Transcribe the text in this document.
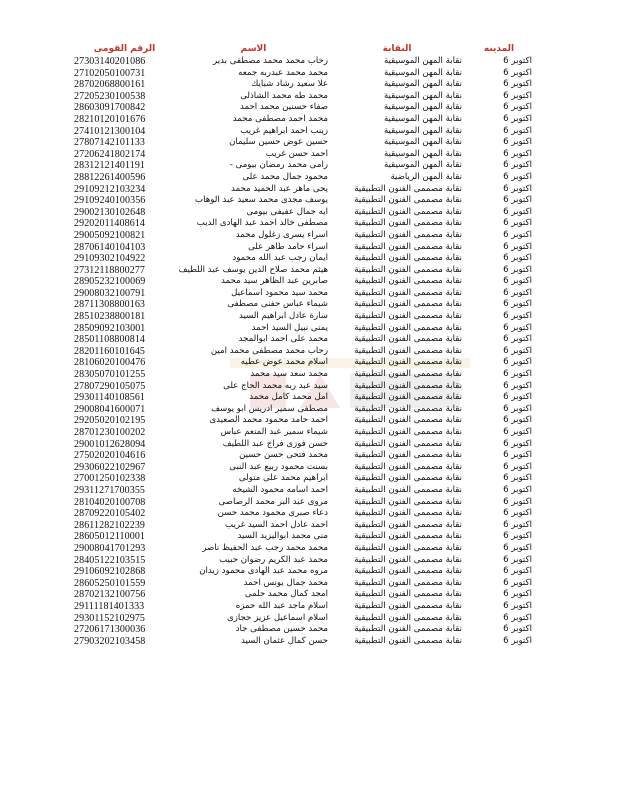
المدينه	النقابة	الاسم	الرقم القومى
اكتوبر 6	نقابة المهن الموسيقية	رحاب محمد محمد مصطفى بدير	27303140201086
اكتوبر 6	نقابة المهن الموسيقية	محمد محمد عبدربه جمعه	27102050100731
اكتوبر 6	نقابة المهن الموسيقية	علا سعيد رشاد شبايك	28702068800161
اكتوبر 6	نقابة المهن الموسيقية	محمد طه محمد الشاذلى	27205230100538
اكتوبر 6	نقابة المهن الموسيقية	صفاء حسنين محمد احمد	28603091700842
اكتوبر 6	نقابة المهن الموسيقية	محمد احمد مصطفى محمد	28210120101676
اكتوبر 6	نقابة المهن الموسيقية	زينب احمد ابراهيم غريب	27410121300104
اكتوبر 6	نقابة المهن الموسيقية	حسين عوض حسين سليمان	27807142101133
اكتوبر 6	نقابة المهن الموسيقية	احمد حسن غريب	27206241802174
اكتوبر 6	نقابة المهن الموسيقية	رامى محمد رمضان بيومى -	28312121401191
اكتوبر 6	نقابة المهن الرياضية	محمود جمال محمد على	28812261400596
اكتوبر 6	نقابة مصممى الفنون التطبيقية	يحى ماهر عبد الحميد محمد	29109212103234
اكتوبر 6	نقابة مصممى الفنون التطبيقية	يوسف مجدى محمد سعيد عبد الوهاب	29109240100356
اكتوبر 6	نقابة مصممى الفنون التطبيقية	ايه جمال عفيفى بيومى	29002130102648
اكتوبر 6	نقابة مصممى الفنون التطبيقية	مصطفى خالد احمد عبد الهادى الديب	29202011408614
اكتوبر 6	نقابة مصممى الفنون التطبيقية	اسراء يسرى زغلول محمد	29005092100821
اكتوبر 6	نقابة مصممى الفنون التطبيقية	اسراء حامد طاهر على	28706140104103
اكتوبر 6	نقابة مصممى الفنون التطبيقية	ايمان رجب عبد الله محمود	29109302104922
اكتوبر 6	نقابة مصممى الفنون التطبيقية	هيثم محمد صلاح الدين يوسف عبد اللطيف	27312118800277
اكتوبر 6	نقابة مصممى الفنون التطبيقية	صابرين عبد الظاهر سيد محمد	28905232100069
اكتوبر 6	نقابة مصممى الفنون التطبيقية	محمد سيد محمود اسماعيل	29008032100791
اكتوبر 6	نقابة مصممى الفنون التطبيقية	شيماء عباس حفنى مصطفى	28711308800163
اكتوبر 6	نقابة مصممى الفنون التطبيقية	سارة عادل ابراهيم السيد	28510238800181
اكتوبر 6	نقابة مصممى الفنون التطبيقية	يمنى نبيل السيد احمد	28509092103001
اكتوبر 6	نقابة مصممى الفنون التطبيقية	محمد على احمد ابوالمجد	28501108800814
اكتوبر 6	نقابة مصممى الفنون التطبيقية	رحاب محمد مصطفى محمد امين	28201160101645
اكتوبر 6	نقابة مصممى الفنون التطبيقية	اسلام محمد عوض عطيه	28106020100476
اكتوبر 6	نقابة مصممى الفنون التطبيقية	محمد سعد سيد محمد	28305070101255
اكتوبر 6	نقابة مصممى الفنون التطبيقية	سيد عبد ربه محمد الحاج على	27807290105075
اكتوبر 6	نقابة مصممى الفنون التطبيقية	امل محمد كامل محمد	29301140108561
اكتوبر 6	نقابة مصممى الفنون التطبيقية	مصطفى سمير ادريس ابو يوسف	29008041600071
اكتوبر 6	نقابة مصممى الفنون التطبيقية	احمد حامد محمود محمد الصعيدى	29205020102195
اكتوبر 6	نقابة مصممى الفنون التطبيقية	شيماء سمير عبد المنعم عباس	28701230100202
اكتوبر 6	نقابة مصممى الفنون التطبيقية	حسن فوزى فراج عبد اللطيف	29001012628094
اكتوبر 6	نقابة مصممى الفنون التطبيقية	محمد فتحى حسن حسين	27502020104616
اكتوبر 6	نقابة مصممى الفنون التطبيقية	بسنت محمود ربيع عبد النبى	29306022102967
اكتوبر 6	نقابة مصممى الفنون التطبيقية	ابراهيم محمد على متولى	27001250102338
اكتوبر 6	نقابة مصممى الفنون التطبيقية	احمد اسامه محمود الشيخه	29311271700355
اكتوبر 6	نقابة مصممى الفنون التطبيقية	مروى عبد البر محمد الرصاصى	28104020100708
اكتوبر 6	نقابة مصممى الفنون التطبيقية	دعاء صبرى محمود محمد حسن	28709220105402
اكتوبر 6	نقابة مصممى الفنون التطبيقية	احمد عادل احمد السيد غريب	28611282102239
اكتوبر 6	نقابة مصممى الفنون التطبيقية	منى محمد ابواليزيد السيد	28605012110001
اكتوبر 6	نقابة مصممى الفنون التطبيقية	محمد محمد رجب عبد الحفيظ ناصر	29008041701293
اكتوبر 6	نقابة مصممى الفنون التطبيقية	محمد عبد الكريم رضوان حبيب	28405122103515
اكتوبر 6	نقابة مصممى الفنون التطبيقية	مروه محمد عبد الهادى محمود زيدان	29106092102868
اكتوبر 6	نقابة مصممى الفنون التطبيقية	محمد جمال يونس احمد	28605250101559
اكتوبر 6	نقابة مصممى الفنون التطبيقية	امجد كمال محمد حلمى	28702132100756
اكتوبر 6	نقابة مصممى الفنون التطبيقية	اسلام ماجد عبد الله حمزه	29111181401333
اكتوبر 6	نقابة مصممى الفنون التطبيقية	اسلام اسماعيل عزيز حجازى	29301152102975
اكتوبر 6	نقابة مصممى الفنون التطبيقية	محمد حسين مصطفى جاد	27206171300036
اكتوبر 6	نقابة مصممى الفنون التطبيقية	حسن كمال عثمان السيد	27903202103458
